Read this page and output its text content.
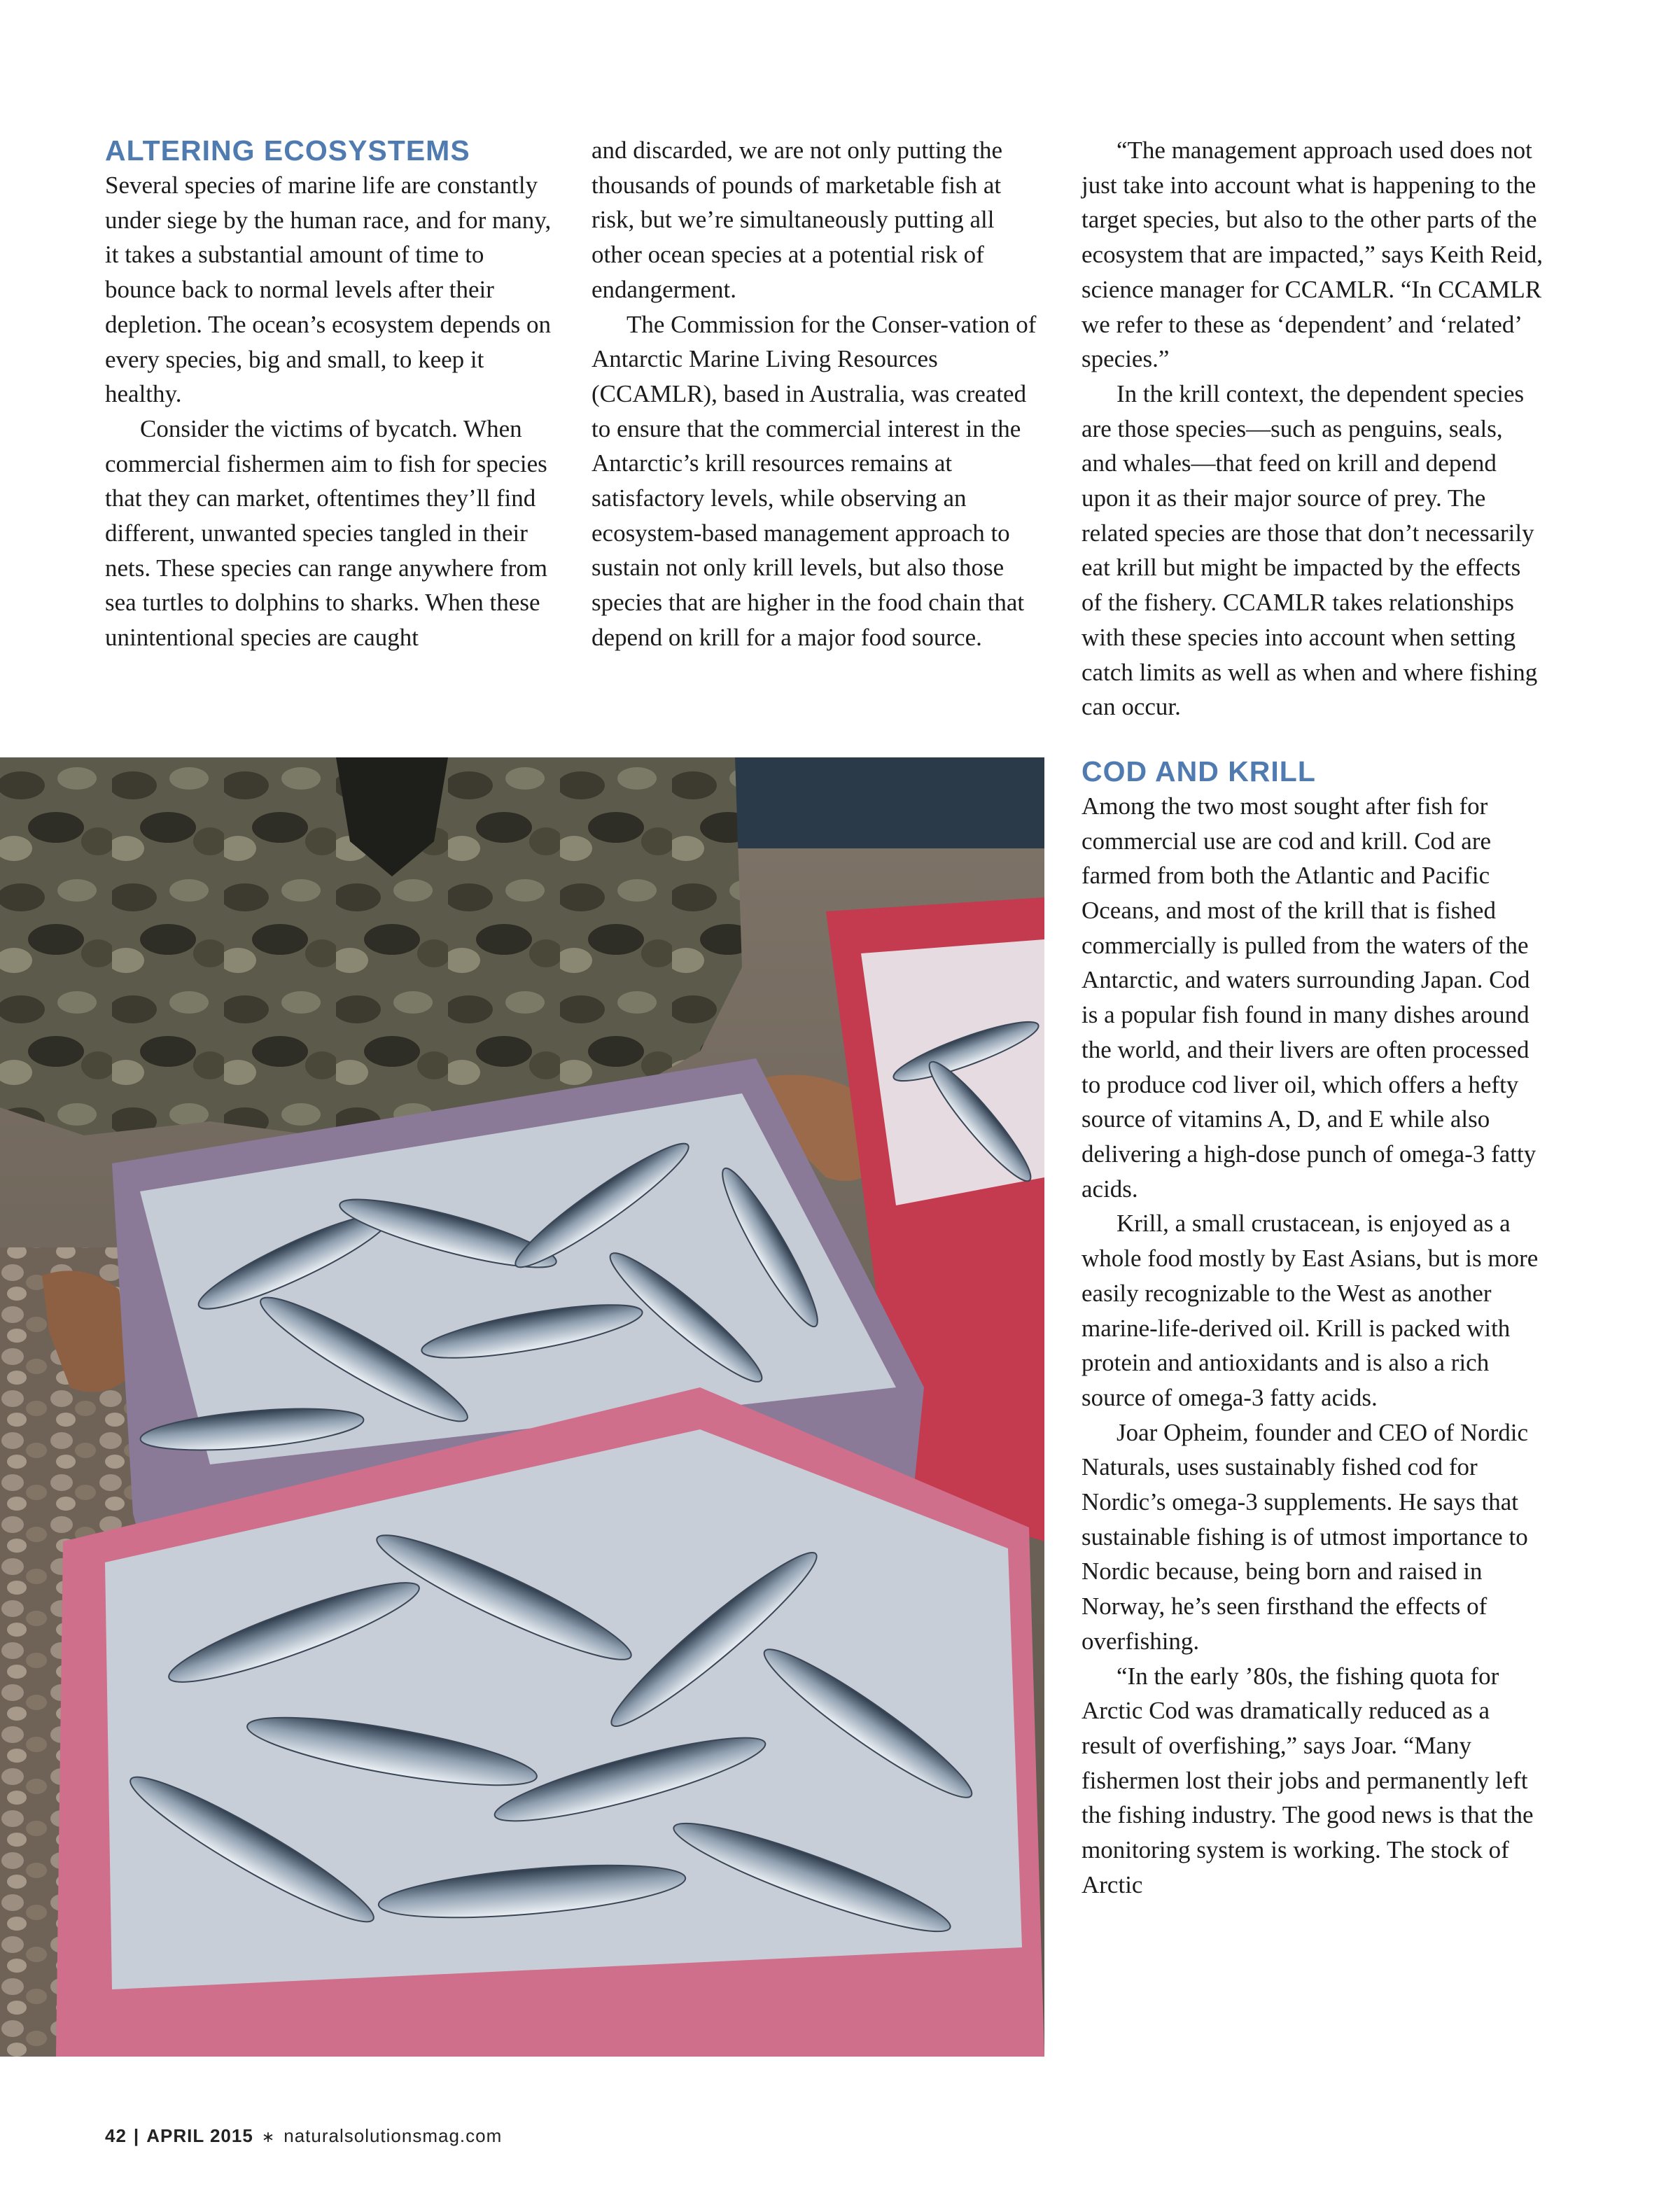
ALTERING ECOSYSTEMS

Several species of marine life are constantly under siege by the human race, and for many, it takes a substantial amount of time to bounce back to normal levels after their depletion. The ocean’s ecosystem depends on every species, big and small, to keep it healthy.

Consider the victims of bycatch. When commercial fishermen aim to fish for species that they can market, oftentimes they’ll find different, unwanted species tangled in their nets. These species can range anywhere from sea turtles to dolphins to sharks. When these unintentional species are caught

and discarded, we are not only putting the thousands of pounds of marketable fish at risk, but we’re simultaneously putting all other ocean species at a potential risk of endangerment.

The Commission for the Conser-vation of Antarctic Marine Living Resources (CCAMLR), based in Australia, was created to ensure that the commercial interest in the Antarctic’s krill resources remains at satisfactory levels, while observing an ecosystem-based management approach to sustain not only krill levels, but also those species that are higher in the food chain that depend on krill for a major food source.

“The management approach used does not just take into account what is happening to the target species, but also to the other parts of the ecosystem that are impacted,” says Keith Reid, science manager for CCAMLR. “In CCAMLR we refer to these as ‘dependent’ and ‘related’ species.”

In the krill context, the dependent species are those species—such as penguins, seals, and whales—that feed on krill and depend upon it as their major source of prey. The related species are those that don’t necessarily eat krill but might be impacted by the effects of the fishery. CCAMLR takes relationships with these species into account when setting catch limits as well as when and where fishing can occur.

COD AND KRILL

Among the two most sought after fish for commercial use are cod and krill. Cod are farmed from both the Atlantic and Pacific Oceans, and most of the krill that is fished commercially is pulled from the waters of the Antarctic, and waters surrounding Japan. Cod is a popular fish found in many dishes around the world, and their livers are often processed to produce cod liver oil, which offers a hefty source of vitamins A, D, and E while also delivering a high-dose punch of omega-3 fatty acids.

Krill, a small crustacean, is enjoyed as a whole food mostly by East Asians, but is more easily recognizable to the West as another marine-life-derived oil. Krill is packed with protein and antioxidants and is also a rich source of omega-3 fatty acids.

Joar Opheim, founder and CEO of Nordic Naturals, uses sustainably fished cod for Nordic’s omega-3 supplements. He says that sustainable fishing is of utmost importance to Nordic because, being born and raised in Norway, he’s seen firsthand the effects of overfishing.

“In the early ’80s, the fishing quota for Arctic Cod was dramatically reduced as a result of overfishing,” says Joar. “Many fishermen lost their jobs and permanently left the fishing industry. The good news is that the monitoring system is working. The stock of Arctic

42 | APRIL 2015 ∗ naturalsolutionsmag.com
